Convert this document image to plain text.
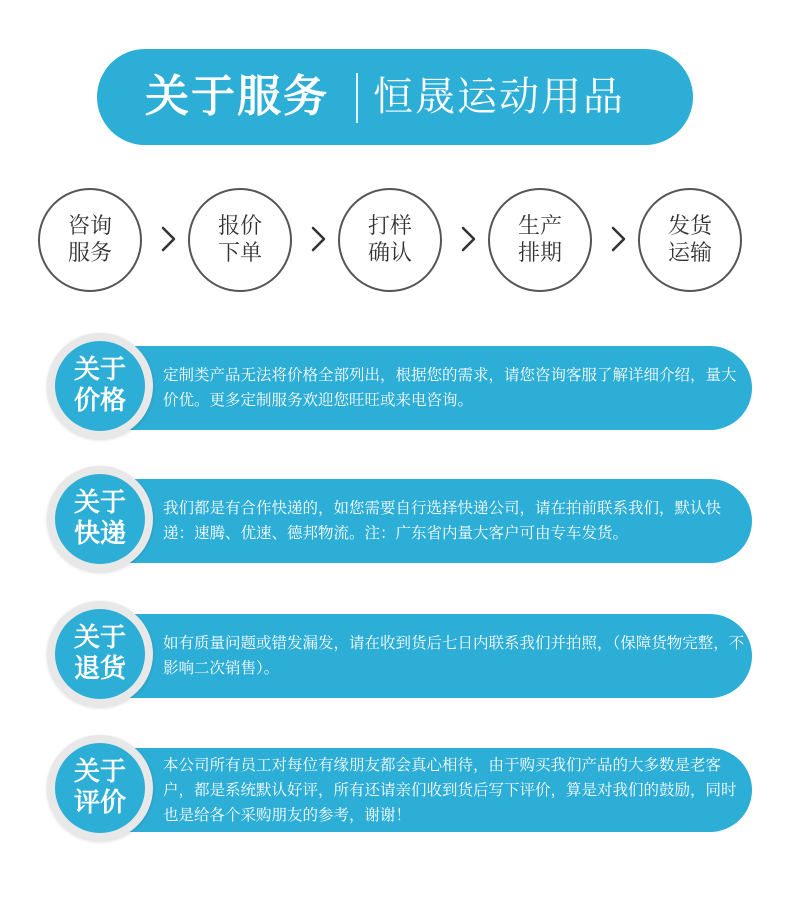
关于服务 恒晟运动用品
咨询
服务
报价
下单
打样
确认
生产
排期
发货
运输
定制类产品无法将价格全部列出，根据您的需求，请您咨询客服了解详细介绍，量大价优。更多定制服务欢迎您旺旺或来电咨询。
关于
价格
我们都是有合作快递的，如您需要自行选择快递公司，请在拍前联系我们，默认快递：速腾、优速、德邦物流。注：广东省内量大客户可由专车发货。
关于
快递
如有质量问题或错发漏发，请在收到货后七日内联系我们并拍照，（保障货物完整，不影响二次销售）。
关于
退货
本公司所有员工对每位有缘朋友都会真心相待，由于购买我们产品的大多数是老客户，都是系统默认好评，所有还请亲们收到货后写下评价，算是对我们的鼓励，同时也是给各个采购朋友的参考，谢谢！
关于
评价
